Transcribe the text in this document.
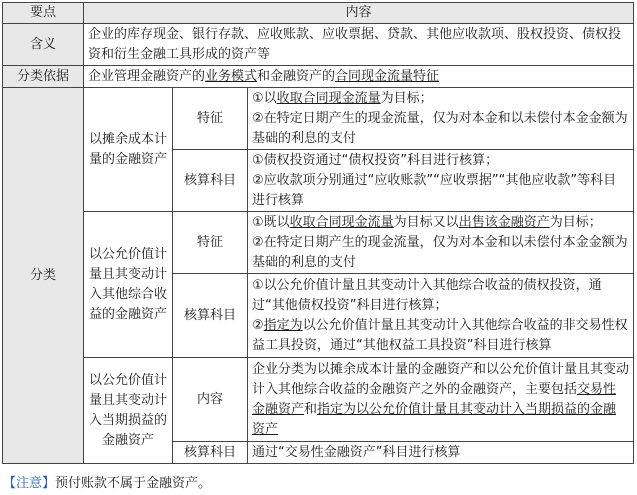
要点	内容		
含义	企业的库存现金、银行存款、应收账款、应收票据、贷款、其他应收款项、股权投资、债权投资和衍生金融工具形成的资产等		
分类依据	企业管理金融资产的业务模式和金融资产的合同现金流量特征		
分类	以摊余成本计量的金融资产	特征	①以收取合同现金流量为目标；
②在特定日期产生的现金流量，仅为对本金和以未偿付本金金额为基础的利息的支付

		核算科目	①债权投资通过“债权投资”科目进行核算；
②应收款项分别通过“应收账款”“应收票据”“其他应收款”等科目进行核算

	以公允价值计量且其变动计入其他综合收益的金融资产	特征	①既以收取合同现金流量为目标又以出售该金融资产为目标；
②在特定日期产生的现金流量，仅为对本金和以未偿付本金金额为基础的利息的支付

		核算科目	①以公允价值计量且其变动计入其他综合收益的债权投资，通过“其他债权投资”科目进行核算；
②指定为以公允价值计量且其变动计入其他综合收益的非交易性权益工具投资，通过“其他权益工具投资”科目进行核算

	以公允价值计量且其变动计入当期损益的金融资产	内容	企业分类为以摊余成本计量的金融资产和以公允价值计量且其变动计入其他综合收益的金融资产之外的金融资产，主要包括交易性金融资产和指定为以公允价值计量且其变动计入当期损益的金融资产
		核算科目	通过“交易性金融资产”科目进行核算
【注意】预付账款不属于金融资产。
